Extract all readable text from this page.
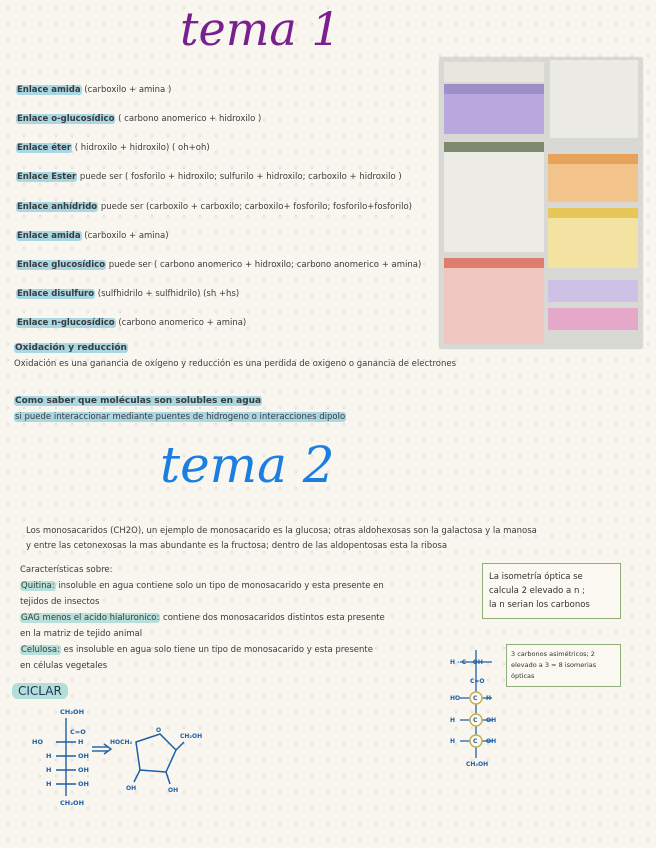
tema 1
Enlace amida (carboxilo + amina )
Enlace o-glucosídico ( carbono anomerico + hidroxilo )
Enlace éter ( hidroxilo + hidroxilo) ( oh+oh)
Enlace Ester puede ser ( fosforilo + hidroxilo; sulfurilo + hidroxilo; carboxilo + hidroxilo )
Enlace anhídrido puede ser (carboxilo + carboxilo; carboxilo+ fosforilo; fosforilo+fosforilo)
Enlace amida (carboxilo + amina)
Enlace glucosídico puede ser ( carbono anomerico + hidroxilo; carbono anomerico + amina)
Enlace disulfuro (sulfhidrilo + sulfhidrilo) (sh +hs)
Enlace n-glucosídico (carbono anomerico + amina)
Oxidación y reducción
Oxidación es una ganancia de oxígeno y reducción es una perdida de oxigeno o ganancia de electrones
Como saber que moléculas son solubles en agua
si puede interaccionar mediante puentes de hidrogeno o interacciones dipolo
tema 2
Los monosacaridos (CH2O), un ejemplo de monosacarido es la glucosa; otras aldohexosas son la galactosa y la manosa
y entre las cetonexosas la mas abundante es la fructosa; dentro de las aldopentosas esta la ribosa
Características sobre:
Quitina: insoluble en agua contiene solo un tipo de monosacarido y esta presente en
tejidos de insectos
GAG menos el acido hialuronico: contiene dos monosacaridos distintos esta presente
en la matriz de tejido animal
Celulosa: es insoluble en agua solo tiene un tipo de monosacarido y esta presente
en células vegetales
La isometría óptica se
calcula 2 elevado a n ;
la n serian los carbonos
3 carbonos asimétricos; 2
elevado a 3 = 8 isomerias
ópticas
CICLAR
CH₂OH
C=O
HO	H
H	OH
H	OH
H	OH
CH₂OH
HOCH₂
O
CH₂OH
OH	OH
H - C - OH
C=O
C
C
C
HO
H
H
H
OH
OH
CH₂OH
